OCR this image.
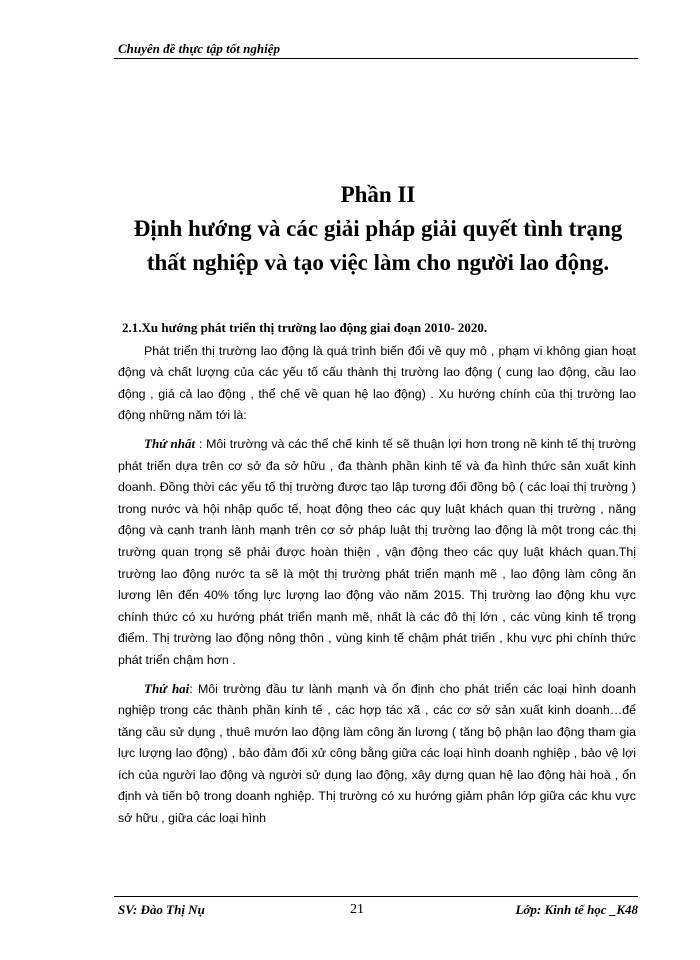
Chuyên đề thực tập tốt nghiệp
Phần II
Định hướng và các giải pháp giải quyết tình trạng
thất nghiệp và tạo việc làm cho người lao động.

2.1.Xu hướng phát triển thị trường lao động giai đoạn 2010- 2020.

Phát triển thị trường lao động là quá trình biến đổi về quy mô , phạm vi không gian hoạt động và chất lượng của các yếu tố cấu thành thị trường lao động ( cung lao động, cầu lao động , giá cả lao động , thể chế về quan hệ lao động) . Xu hướng chính của thị trường lao động những năm tới là:

Thứ nhất : Môi trường và các thể chế kinh tế sẽ thuận lợi hơn trong nề kinh tế thị trường phát triển dựa trên cơ sở đa sở hữu , đa thành phần kinh tế và đa hình thức sản xuất kinh doanh. Đồng thời các yếu tố thị trường được tạo lập tương đối đồng bộ ( các loại thị trường ) trong nước và hội nhập quốc tế, hoạt động theo các quy luật khách quan thị trường , năng động và cạnh tranh lành mạnh trên cơ sở pháp luật thị trường lao động là một trong các thị trường quan trọng sẽ phải được hoàn thiện , vận động theo các quy luật khách quan.Thị trường lao động nước ta sẽ là một thị trường phát triển mạnh mẽ , lao động làm công ăn lương lên đến 40% tổng lực lượng lao động vào năm 2015. Thị trường lao động khu vực chính thức có xu hướng phát triển mạnh mẽ, nhất là các đô thị lớn , các vùng kinh tế trọng điểm. Thị trường lao động nông thôn , vùng kinh tế chậm phát triển , khu vực phi chính thức phát triển chậm hơn .

Thứ hai: Môi trường đầu tư lành mạnh và ổn định cho phát triển các loại hình doanh nghiệp trong các thành phần kinh tế , các hợp tác xã , các cơ sở sản xuất kinh doanh…để tăng cầu sử dụng , thuê mướn lao động làm công ăn lương ( tăng bộ phận lao động tham gia lực lượng lao động) , bảo đảm đối xử công bằng giữa các loại hình doanh nghiệp , bảo vệ lợi ích của người lao động và người sử dụng lao động, xây dựng quan hệ lao động hài hoà , ổn định và tiến bộ trong doanh nghiệp. Thị trường có xu hướng giảm phân lớp giữa các khu vực sở hữu , giữa các loại hình

SV: Đào Thị Nụ	21	Lớp: Kinh tế học _K48
